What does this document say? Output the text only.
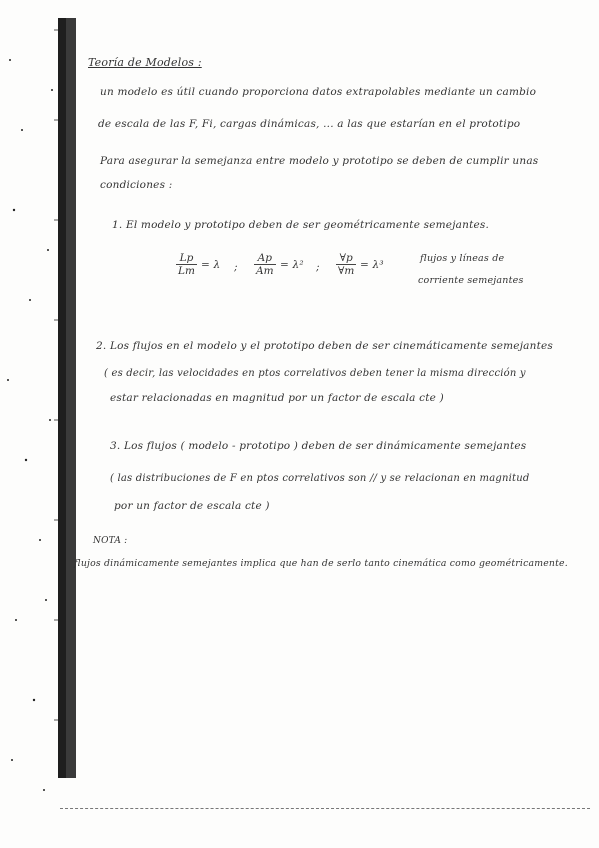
Teoría de Modelos :
un modelo es útil cuando proporciona datos extrapolables mediante un cambio
de escala de las F, Fi, cargas dinámicas, ... a las que estarían en el prototipo
Para asegurar la semejanza entre modelo y prototipo se deben de cumplir unas
condiciones :
1. El modelo y prototipo deben de ser geométricamente semejantes.
$\frac{Lp}{Lm} = \lambda$ ; $\frac{Ap}{Am} = \lambda^2$ ; $\frac{\forall p}{\forall m} = \lambda^3$
flujos y líneas de
corriente semejantes
2. Los flujos en el modelo y el prototipo deben de ser cinemáticamente semejantes
( es decir, las velocidades en ptos correlativos deben tener la misma dirección y
estar relacionadas en magnitud por un factor de escala cte )
3. Los flujos ( modelo - prototipo ) deben de ser dinámicamente semejantes
( las distribuciones de F en ptos correlativos son // y se relacionan en magnitud
por un factor de escala cte )
NOTA :
flujos dinámicamente semejantes implica que han de serlo tanto cinemática como geométricamente.
